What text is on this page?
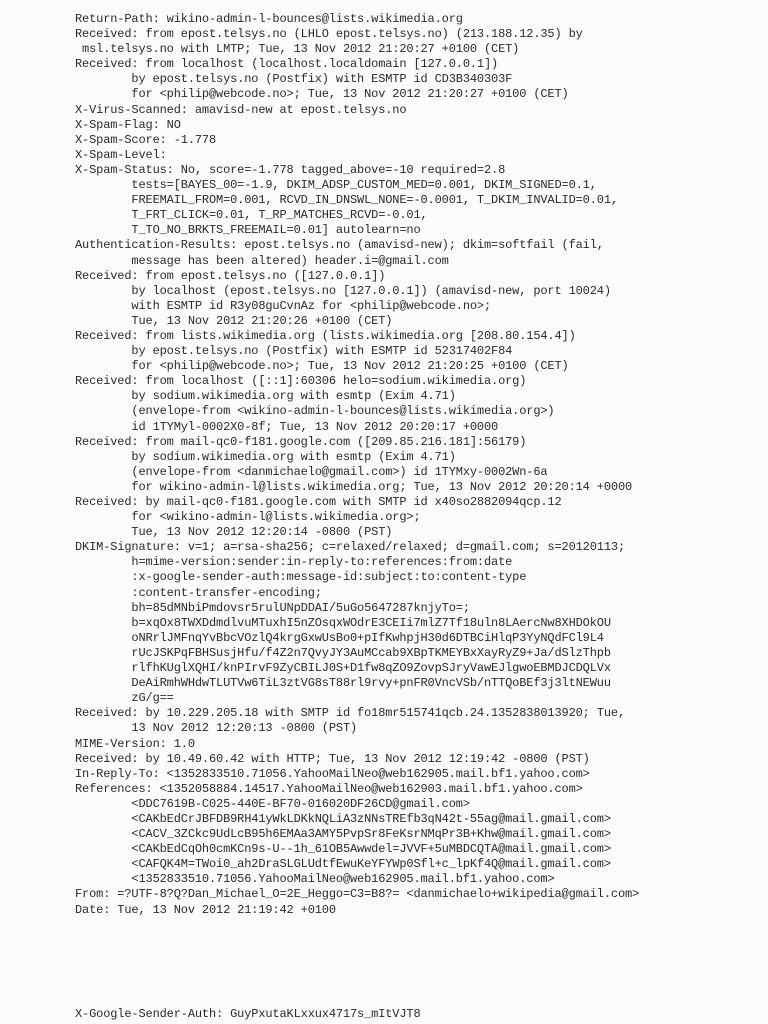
Return-Path: wikino-admin-l-bounces@lists.wikimedia.org
Received: from epost.telsys.no (LHLO epost.telsys.no) (213.188.12.35) by
msl.telsys.no with LMTP; Tue, 13 Nov 2012 21:20:27 +0100 (CET)
Received: from localhost (localhost.localdomain [127.0.0.1])
by epost.telsys.no (Postfix) with ESMTP id CD3B340303F
for <philip@webcode.no>; Tue, 13 Nov 2012 21:20:27 +0100 (CET)
X-Virus-Scanned: amavisd-new at epost.telsys.no
X-Spam-Flag: NO
X-Spam-Score: -1.778
X-Spam-Level:
X-Spam-Status: No, score=-1.778 tagged_above=-10 required=2.8
tests=[BAYES_00=-1.9, DKIM_ADSP_CUSTOM_MED=0.001, DKIM_SIGNED=0.1,
FREEMAIL_FROM=0.001, RCVD_IN_DNSWL_NONE=-0.0001, T_DKIM_INVALID=0.01,
T_FRT_CLICK=0.01, T_RP_MATCHES_RCVD=-0.01,
T_TO_NO_BRKTS_FREEMAIL=0.01] autolearn=no
Authentication-Results: epost.telsys.no (amavisd-new); dkim=softfail (fail,
message has been altered) header.i=@gmail.com
Received: from epost.telsys.no ([127.0.0.1])
by localhost (epost.telsys.no [127.0.0.1]) (amavisd-new, port 10024)
with ESMTP id R3y08guCvnAz for <philip@webcode.no>;
Tue, 13 Nov 2012 21:20:26 +0100 (CET)
Received: from lists.wikimedia.org (lists.wikimedia.org [208.80.154.4])
by epost.telsys.no (Postfix) with ESMTP id 52317402F84
for <philip@webcode.no>; Tue, 13 Nov 2012 21:20:25 +0100 (CET)
Received: from localhost ([::1]:60306 helo=sodium.wikimedia.org)
by sodium.wikimedia.org with esmtp (Exim 4.71)
(envelope-from <wikino-admin-l-bounces@lists.wikimedia.org>)
id 1TYMyl-0002X0-8f; Tue, 13 Nov 2012 20:20:17 +0000
Received: from mail-qc0-f181.google.com ([209.85.216.181]:56179)
by sodium.wikimedia.org with esmtp (Exim 4.71)
(envelope-from <danmichaelo@gmail.com>) id 1TYMxy-0002Wn-6a
for wikino-admin-l@lists.wikimedia.org; Tue, 13 Nov 2012 20:20:14 +0000
Received: by mail-qc0-f181.google.com with SMTP id x40so2882094qcp.12
for <wikino-admin-l@lists.wikimedia.org>;
Tue, 13 Nov 2012 12:20:14 -0800 (PST)
DKIM-Signature: v=1; a=rsa-sha256; c=relaxed/relaxed; d=gmail.com; s=20120113;
h=mime-version:sender:in-reply-to:references:from:date
:x-google-sender-auth:message-id:subject:to:content-type
:content-transfer-encoding;
bh=85dMNbiPmdovsr5rulUNpDDAI/5uGo5647287knjyTo=;
b=xqOx8TWXDdmdlvuMTuxhI5nZOsqxWOdrE3CEIi7mlZ7Tf18uln8LAercNw8XHDOkOU
oNRrlJMFnqYvBbcVOzlQ4krgGxwUsBo0+pIfKwhpjH30d6DTBCiHlqP3YyNQdFCl9L4
rUcJSKPqFBHSusjHfu/f4Z2n7QvyJY3AuMCcab9XBpTKMEYBxXayRyZ9+Ja/dSlzThpb
rlfhKUglXQHI/knPIrvF9ZyCBILJ0S+D1fw8qZO9ZovpSJryVawEJlgwoEBMDJCDQLVx
DeAiRmhWHdwTLUTVw6TiL3ztVG8sT88rl9rvy+pnFR0VncVSb/nTTQoBEf3j3ltNEWuu
zG/g==
Received: by 10.229.205.18 with SMTP id fo18mr515741qcb.24.1352838013920; Tue,
13 Nov 2012 12:20:13 -0800 (PST)
MIME-Version: 1.0
Received: by 10.49.60.42 with HTTP; Tue, 13 Nov 2012 12:19:42 -0800 (PST)
In-Reply-To: <1352833510.71056.YahooMailNeo@web162905.mail.bf1.yahoo.com>
References: <1352058884.14517.YahooMailNeo@web162903.mail.bf1.yahoo.com>
<DDC7619B-C025-440E-BF70-016020DF26CD@gmail.com>
<CAKbEdCrJBFDB9RH41yWkLDKkNQLiA3zNNsTREfb3qN42t-55ag@mail.gmail.com>
<CACV_3ZCkc9UdLcB95h6EMAa3AMY5PvpSr8FeKsrNMqPr3B+Khw@mail.gmail.com>
<CAKbEdCqOh0cmKCn9s-U--1h_61OB5Awwdel=JVVF+5uMBDCQTA@mail.gmail.com>
<CAFQK4M=TWoi0_ah2DraSLGLUdtfEwuKeYFYWp0Sfl+c_lpKf4Q@mail.gmail.com>
<1352833510.71056.YahooMailNeo@web162905.mail.bf1.yahoo.com>
From: =?UTF-8?Q?Dan_Michael_O=2E_Heggo=C3=B8?= <danmichaelo+wikipedia@gmail.com>
Date: Tue, 13 Nov 2012 21:19:42 +0100
X-Google-Sender-Auth: GuyPxutaKLxxux4717s_mItVJT8
